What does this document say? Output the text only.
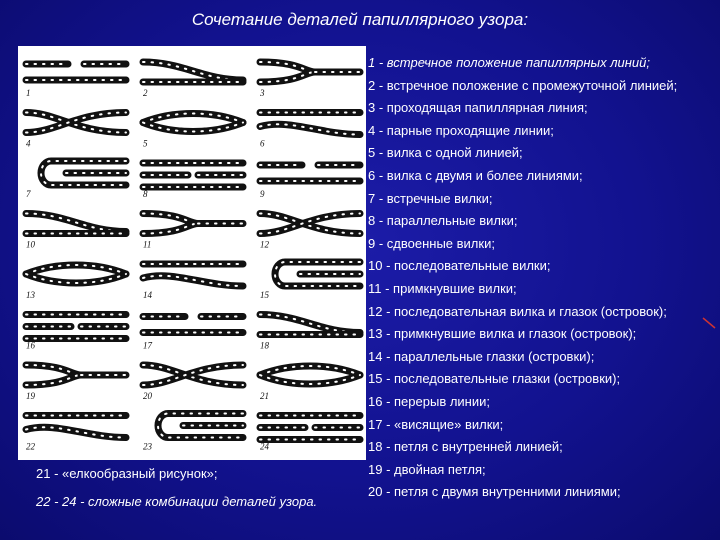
Сочетание деталей папиллярного узора:
1	2	3
4	5	6
7	8	9
10	11	12
13	14	15
16	17	18
19	20	21
22	23	24
1 - встречное положение папиллярных линий;
2 - встречное положение с промежуточной линией;
3 - проходящая папиллярная линия;
4 - парные проходящие линии;
5 - вилка с одной линией;
6 - вилка с двумя и более линиями;
7 - встречные вилки;
8 - параллельные вилки;
9 - сдвоенные вилки;
10 - последовательные вилки;
11 - примкнувшие вилки;
12 - последовательная вилка и глазок (островок);
13 - примкнувшие вилка и глазок (островок);
14 - параллельные глазки (островки);
15 - последовательные глазки (островки);
16 - перерыв линии;
17 - «висящие» вилки;
18 - петля с внутренней линией;
19 - двойная петля;
20 - петля с двумя внутренними линиями;
21 - «елкообразный рисунок»;
22 - 24 - сложные комбинации деталей узора.
